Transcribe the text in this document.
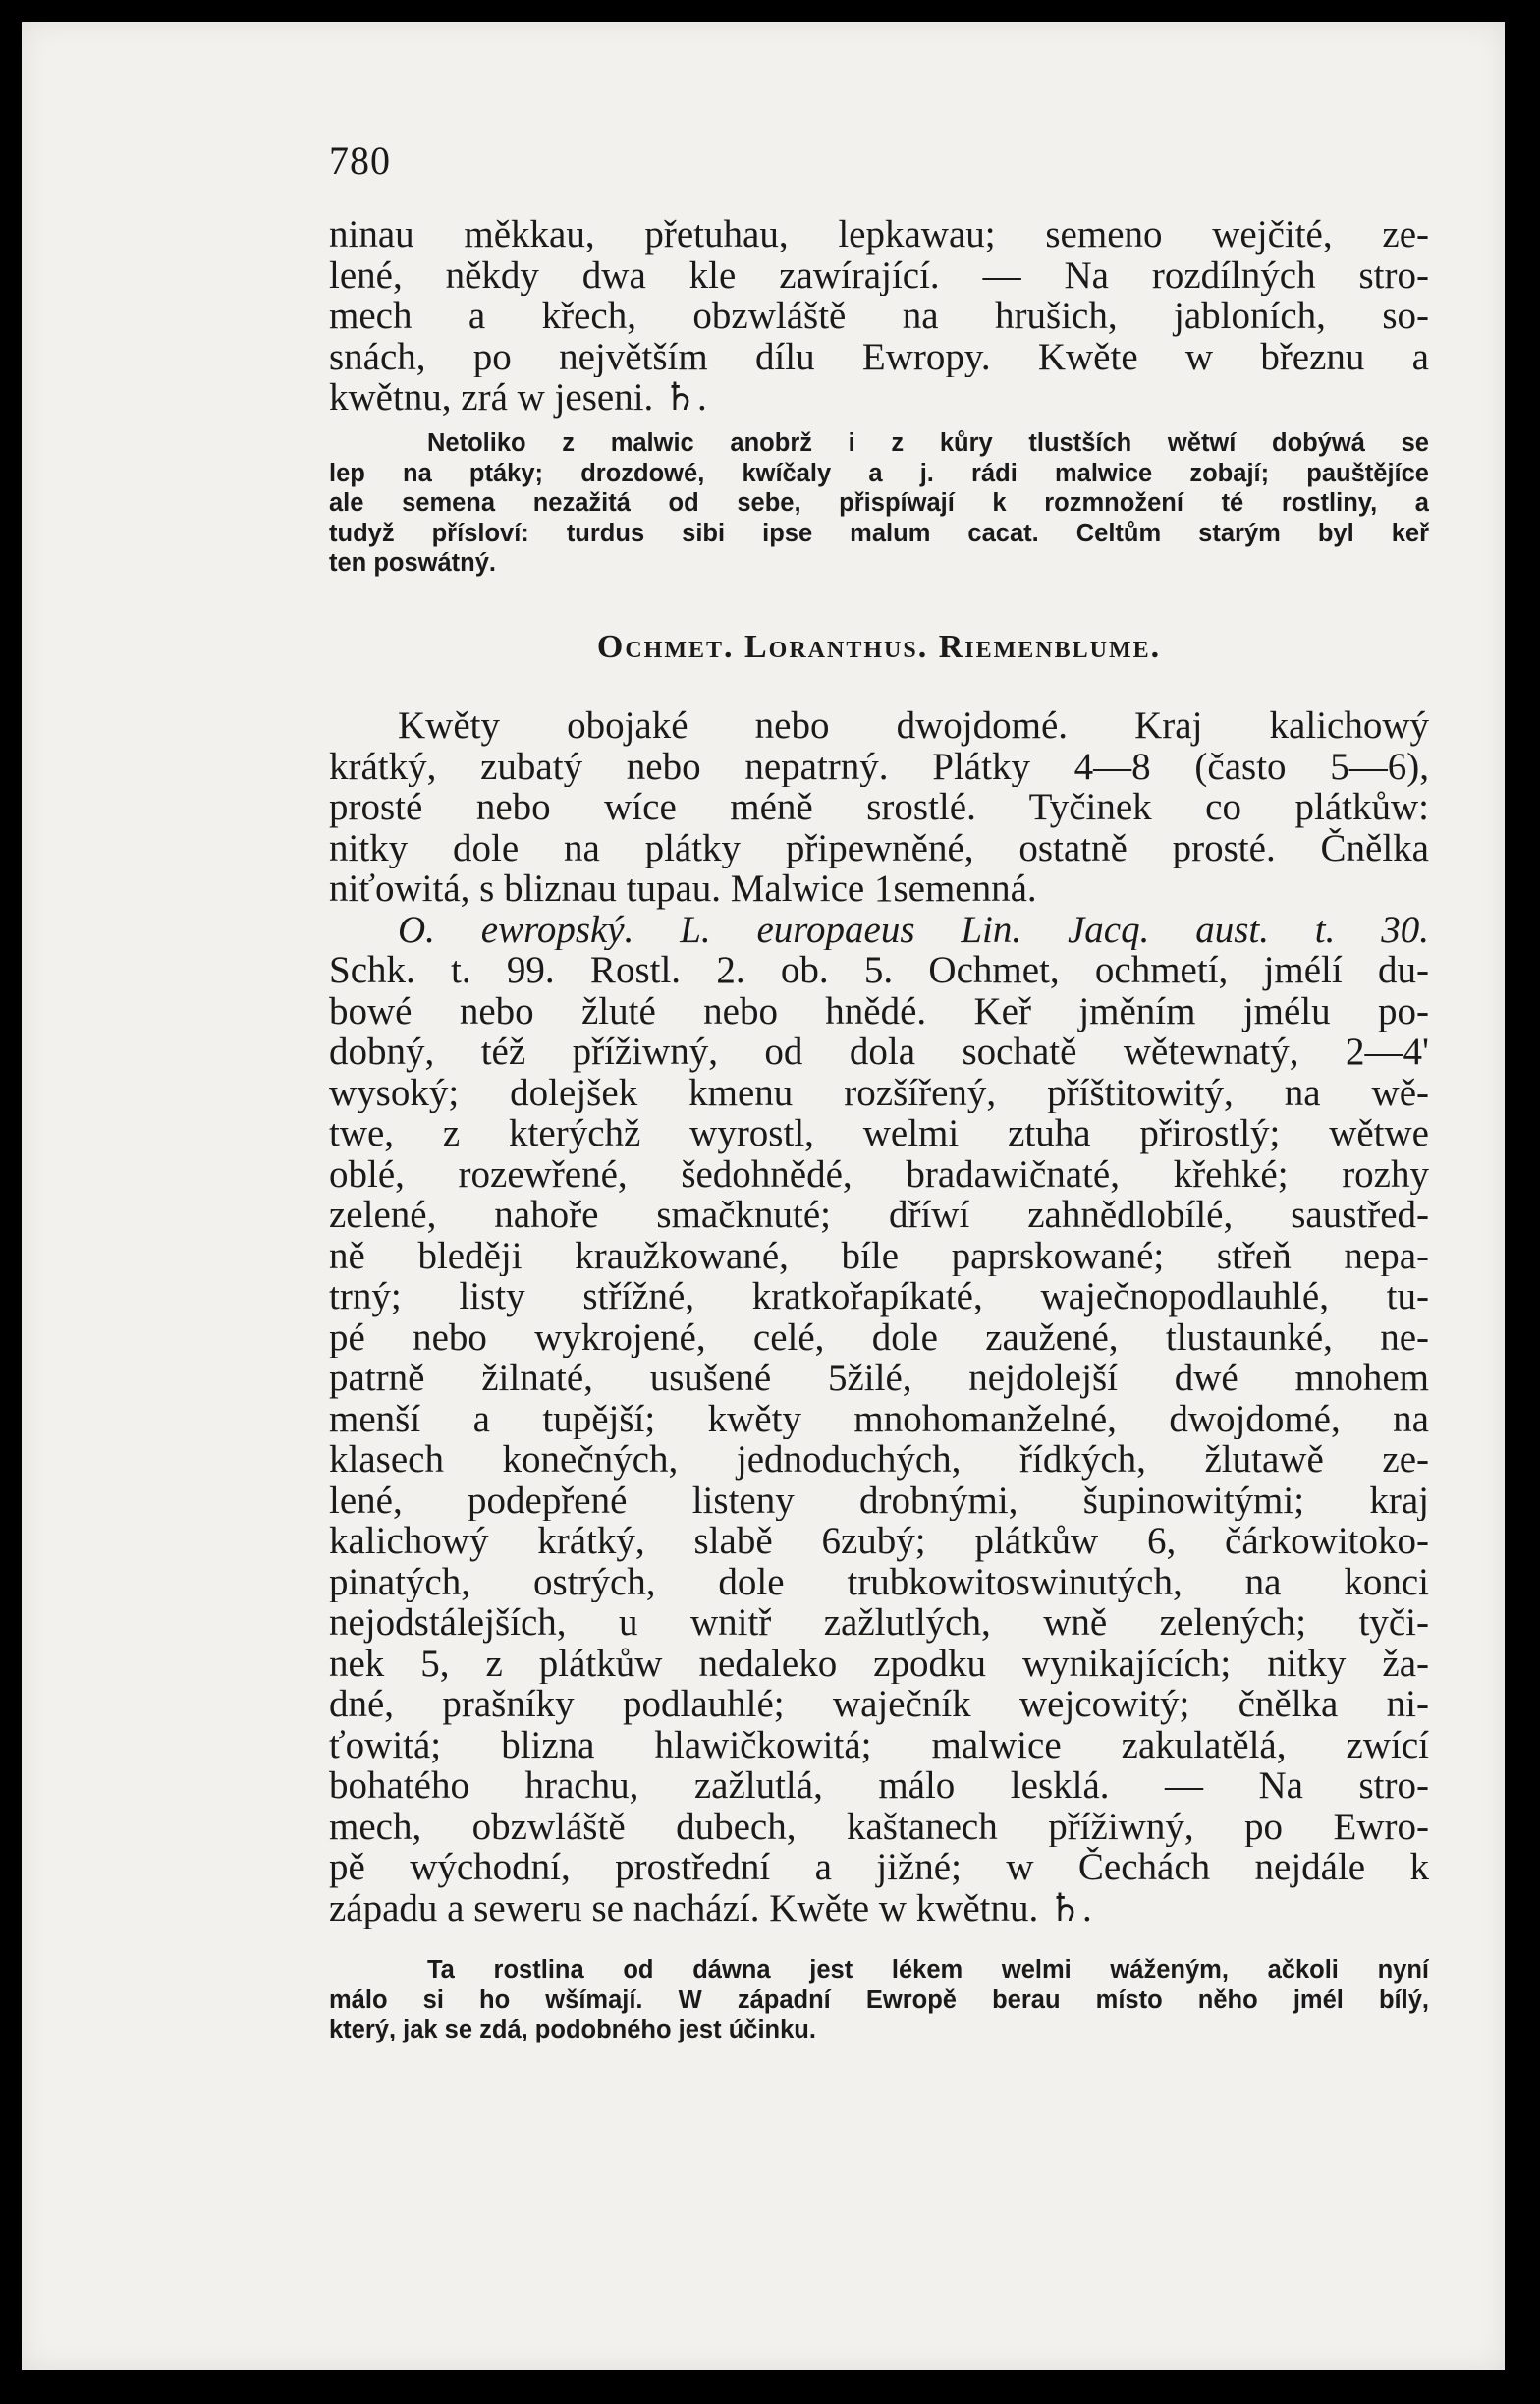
780
ninau měkkau, přetuhau, lepkawau; semeno wejčité, ze-
lené, někdy dwa kle zawírající. — Na rozdílných stro-
mech a křech, obzwláště na hrušich, jabloních, so-
snách, po největším dílu Ewropy. Kwěte w březnu a
kwětnu, zrá w jeseni. ♄.
Netoliko z malwic anobrž i z kůry tlustších wětwí dobýwá se
lep na ptáky; drozdowé, kwíčaly a j. rádi malwice zobají; pauštějíce
ale semena nezažitá od sebe, přispíwají k rozmnožení té rostliny, a
tudyž přísloví: turdus sibi ipse malum cacat. Celtům starým byl keř
ten poswátný.
Ochmet. Loranthus. Riemenblume.
Kwěty obojaké nebo dwojdomé. Kraj kalichowý
krátký, zubatý nebo nepatrný. Plátky 4—8 (často 5—6),
prosté nebo wíce méně srostlé. Tyčinek co plátkůw:
nitky dole na plátky připewněné, ostatně prosté. Čnělka
niťowitá, s bliznau tupau. Malwice 1semenná.
O. ewropský. L. europaeus Lin. Jacq. aust. t. 30.
Schk. t. 99. Rostl. 2. ob. 5. Ochmet, ochmetí, jmélí du-
bowé nebo žluté nebo hnědé. Keř jměním jmélu po-
dobný, též přížiwný, od dola sochatě wětewnatý, 2—4'
wysoký; dolejšek kmenu rozšířený, příštitowitý, na wě-
twe, z kterýchž wyrostl, welmi ztuha přirostlý; wětwe
oblé, rozewřené, šedohnědé, bradawičnaté, křehké; rozhy
zelené, nahoře smačknuté; dříwí zahnědlobílé, saustřed-
ně bleději kraužkowané, bíle paprskowané; střeň nepa-
trný; listy střížné, kratkořapíkaté, waječnopodlauhlé, tu-
pé nebo wykrojené, celé, dole zaužené, tlustaunké, ne-
patrně žilnaté, usušené 5žilé, nejdolejší dwé mnohem
menší a tupější; kwěty mnohomanželné, dwojdomé, na
klasech konečných, jednoduchých, řídkých, žlutawě ze-
lené, podepřené listeny drobnými, šupinowitými; kraj
kalichowý krátký, slabě 6zubý; plátkůw 6, čárkowitoko-
pinatých, ostrých, dole trubkowitoswinutých, na konci
nejodstálejších, u wnitř zažlutlých, wně zelených; tyči-
nek 5, z plátkůw nedaleko zpodku wynikajících; nitky ža-
dné, prašníky podlauhlé; waječník wejcowitý; čnělka ni-
ťowitá; blizna hlawičkowitá; malwice zakulatělá, zwící
bohatého hrachu, zažlutlá, málo lesklá. — Na stro-
mech, obzwláště dubech, kaštanech přížiwný, po Ewro-
pě wýchodní, prostřední a jižné; w Čechách nejdále k
západu a sewеru se nachází. Kwěte w kwětnu. ♄.
Ta rostlina od dáwna jest lékem welmi wáženým, ačkoli nyní
málo si ho wšímají. W západní Ewropě berau místo něho jmél bílý,
který, jak se zdá, podobného jest účinku.
